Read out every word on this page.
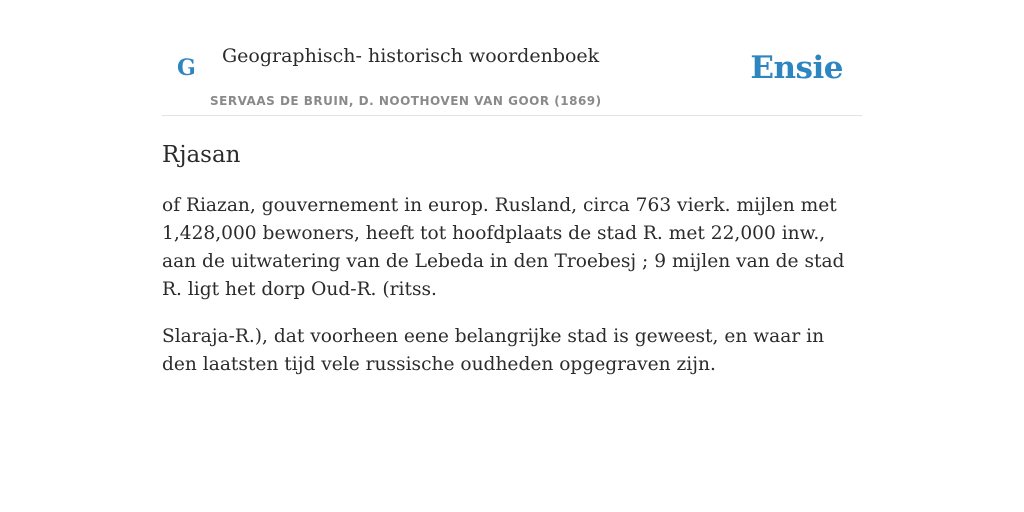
G Geographisch- historisch woordenboek
SERVAAS DE BRUIN, D. NOOTHOVEN VAN GOOR (1869)
Ensie
Rjasan

of Riazan, gouvernement in europ. Rusland, circa 763 vierk. mijlen met 1,428,000 bewoners, heeft tot hoofdplaats de stad R. met 22,000 inw., aan de uitwatering van de Lebeda in den Troebesj ; 9 mijlen van de stad R. ligt het dorp Oud-R. (ritss.

Slaraja-R.), dat voorheen eene belangrijke stad is geweest, en waar in den laatsten tijd vele russische oudheden opgegraven zijn.
